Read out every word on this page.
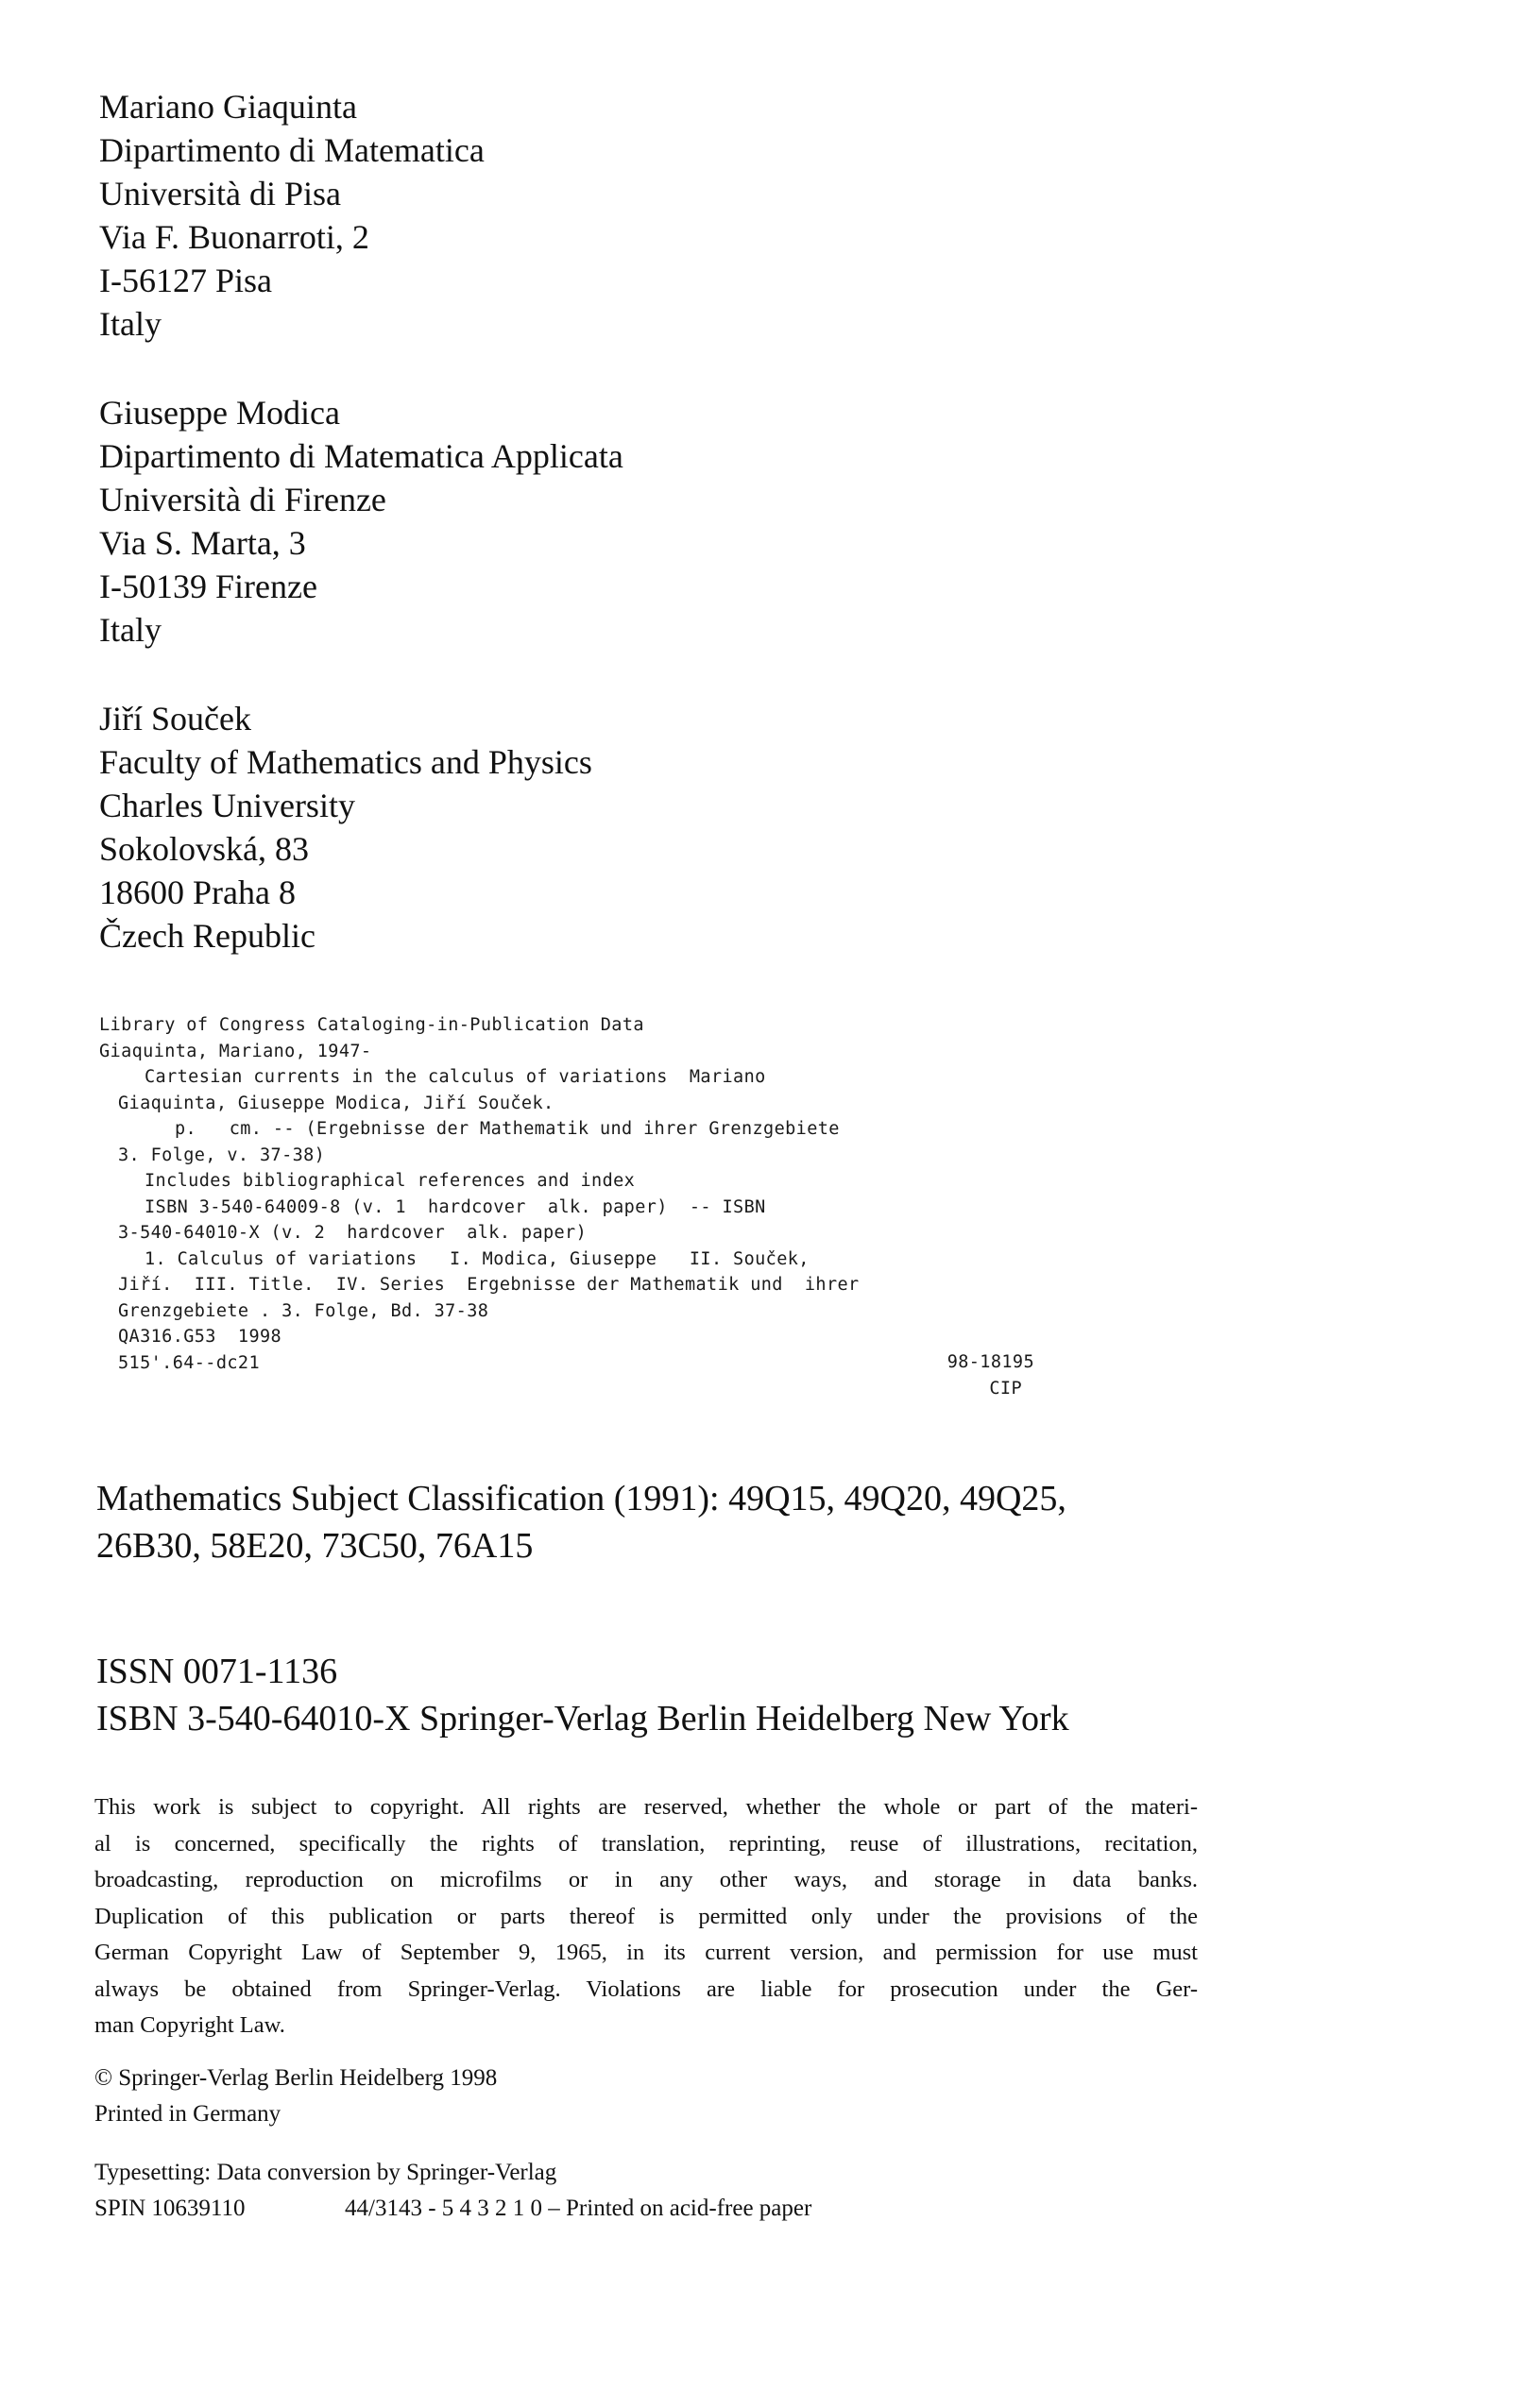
Mariano Giaquinta
Dipartimento di Matematica
Università di Pisa
Via F. Buonarroti, 2
I-56127 Pisa
Italy
Giuseppe Modica
Dipartimento di Matematica Applicata
Università di Firenze
Via S. Marta, 3
I-50139 Firenze
Italy
Jiří Souček
Faculty of Mathematics and Physics
Charles University
Sokolovská, 83
18600 Praha 8
Čzech Republic
Library of Congress Cataloging-in-Publication Data
Giaquinta, Mariano, 1947-
Cartesian currents in the calculus of variations  Mariano
Giaquinta, Giuseppe Modica, Jiří Souček.
p.   cm. -- (Ergebnisse der Mathematik und ihrer Grenzgebiete
3. Folge, v. 37-38)
Includes bibliographical references and index
ISBN 3-540-64009-8 (v. 1  hardcover  alk. paper)  -- ISBN
3-540-64010-X (v. 2  hardcover  alk. paper)
1. Calculus of variations   I. Modica, Giuseppe   II. Souček,
Jiří.  III. Title.  IV. Series  Ergebnisse der Mathematik und  ihrer
Grenzgebiete . 3. Folge, Bd. 37-38
QA316.G53  1998
515'.64--dc21	98-18195
CIP
Mathematics Subject Classification (1991): 49Q15, 49Q20, 49Q25,
26B30, 58E20, 73C50, 76A15
ISSN 0071-1136
ISBN 3-540-64010-X Springer-Verlag Berlin Heidelberg New York
This work is subject to copyright. All rights are reserved, whether the whole or part of the materi-
al is concerned, specifically the rights of translation, reprinting, reuse of illustrations, recitation,
broadcasting, reproduction on microfilms or in any other ways, and storage in data banks.
Duplication of this publication or parts thereof is permitted only under the provisions of the
German Copyright Law of September 9, 1965, in its current version, and permission for use must
always be obtained from Springer-Verlag. Violations are liable for prosecution under the Ger-
man Copyright Law.
© Springer-Verlag Berlin Heidelberg 1998
Printed in Germany
Typesetting: Data conversion by Springer-Verlag
SPIN 10639110	44/3143 - 5 4 3 2 1 0 – Printed on acid-free paper
